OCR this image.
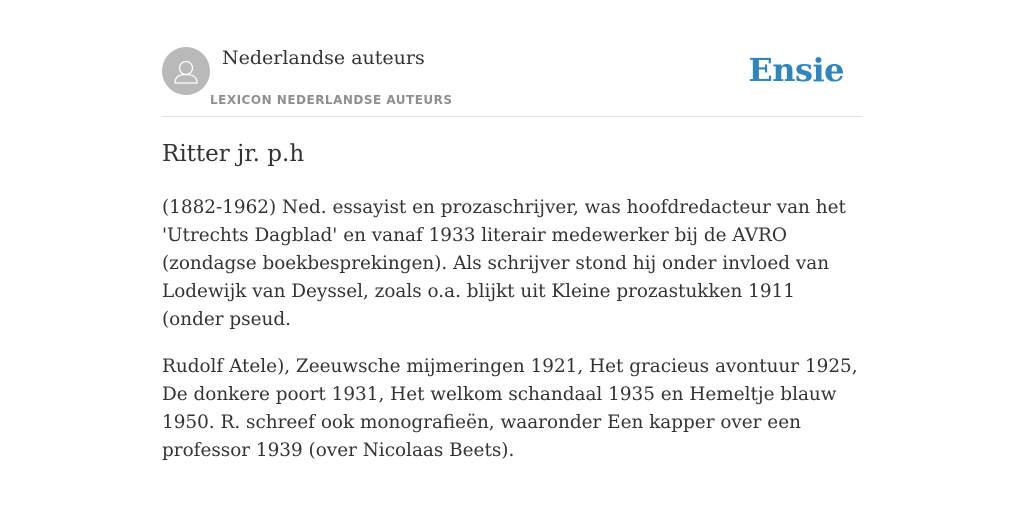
Nederlandse auteurs
LEXICON NEDERLANDSE AUTEURS
Ensie
Ritter jr. p.h

(1882-1962) Ned. essayist en prozaschrijver, was hoofdredacteur van het 'Utrechts Dagblad' en vanaf 1933 literair medewerker bij de AVRO (zondagse boekbesprekingen). Als schrijver stond hij onder invloed van Lodewijk van Deyssel, zoals o.a. blijkt uit Kleine prozastukken 1911 (onder pseud.

Rudolf Atele), Zeeuwsche mijmeringen 1921, Het gracieus avontuur 1925, De donkere poort 1931, Het welkom schandaal 1935 en Hemeltje blauw 1950. R. schreef ook monografieën, waaronder Een kapper over een professor 1939 (over Nicolaas Beets).
